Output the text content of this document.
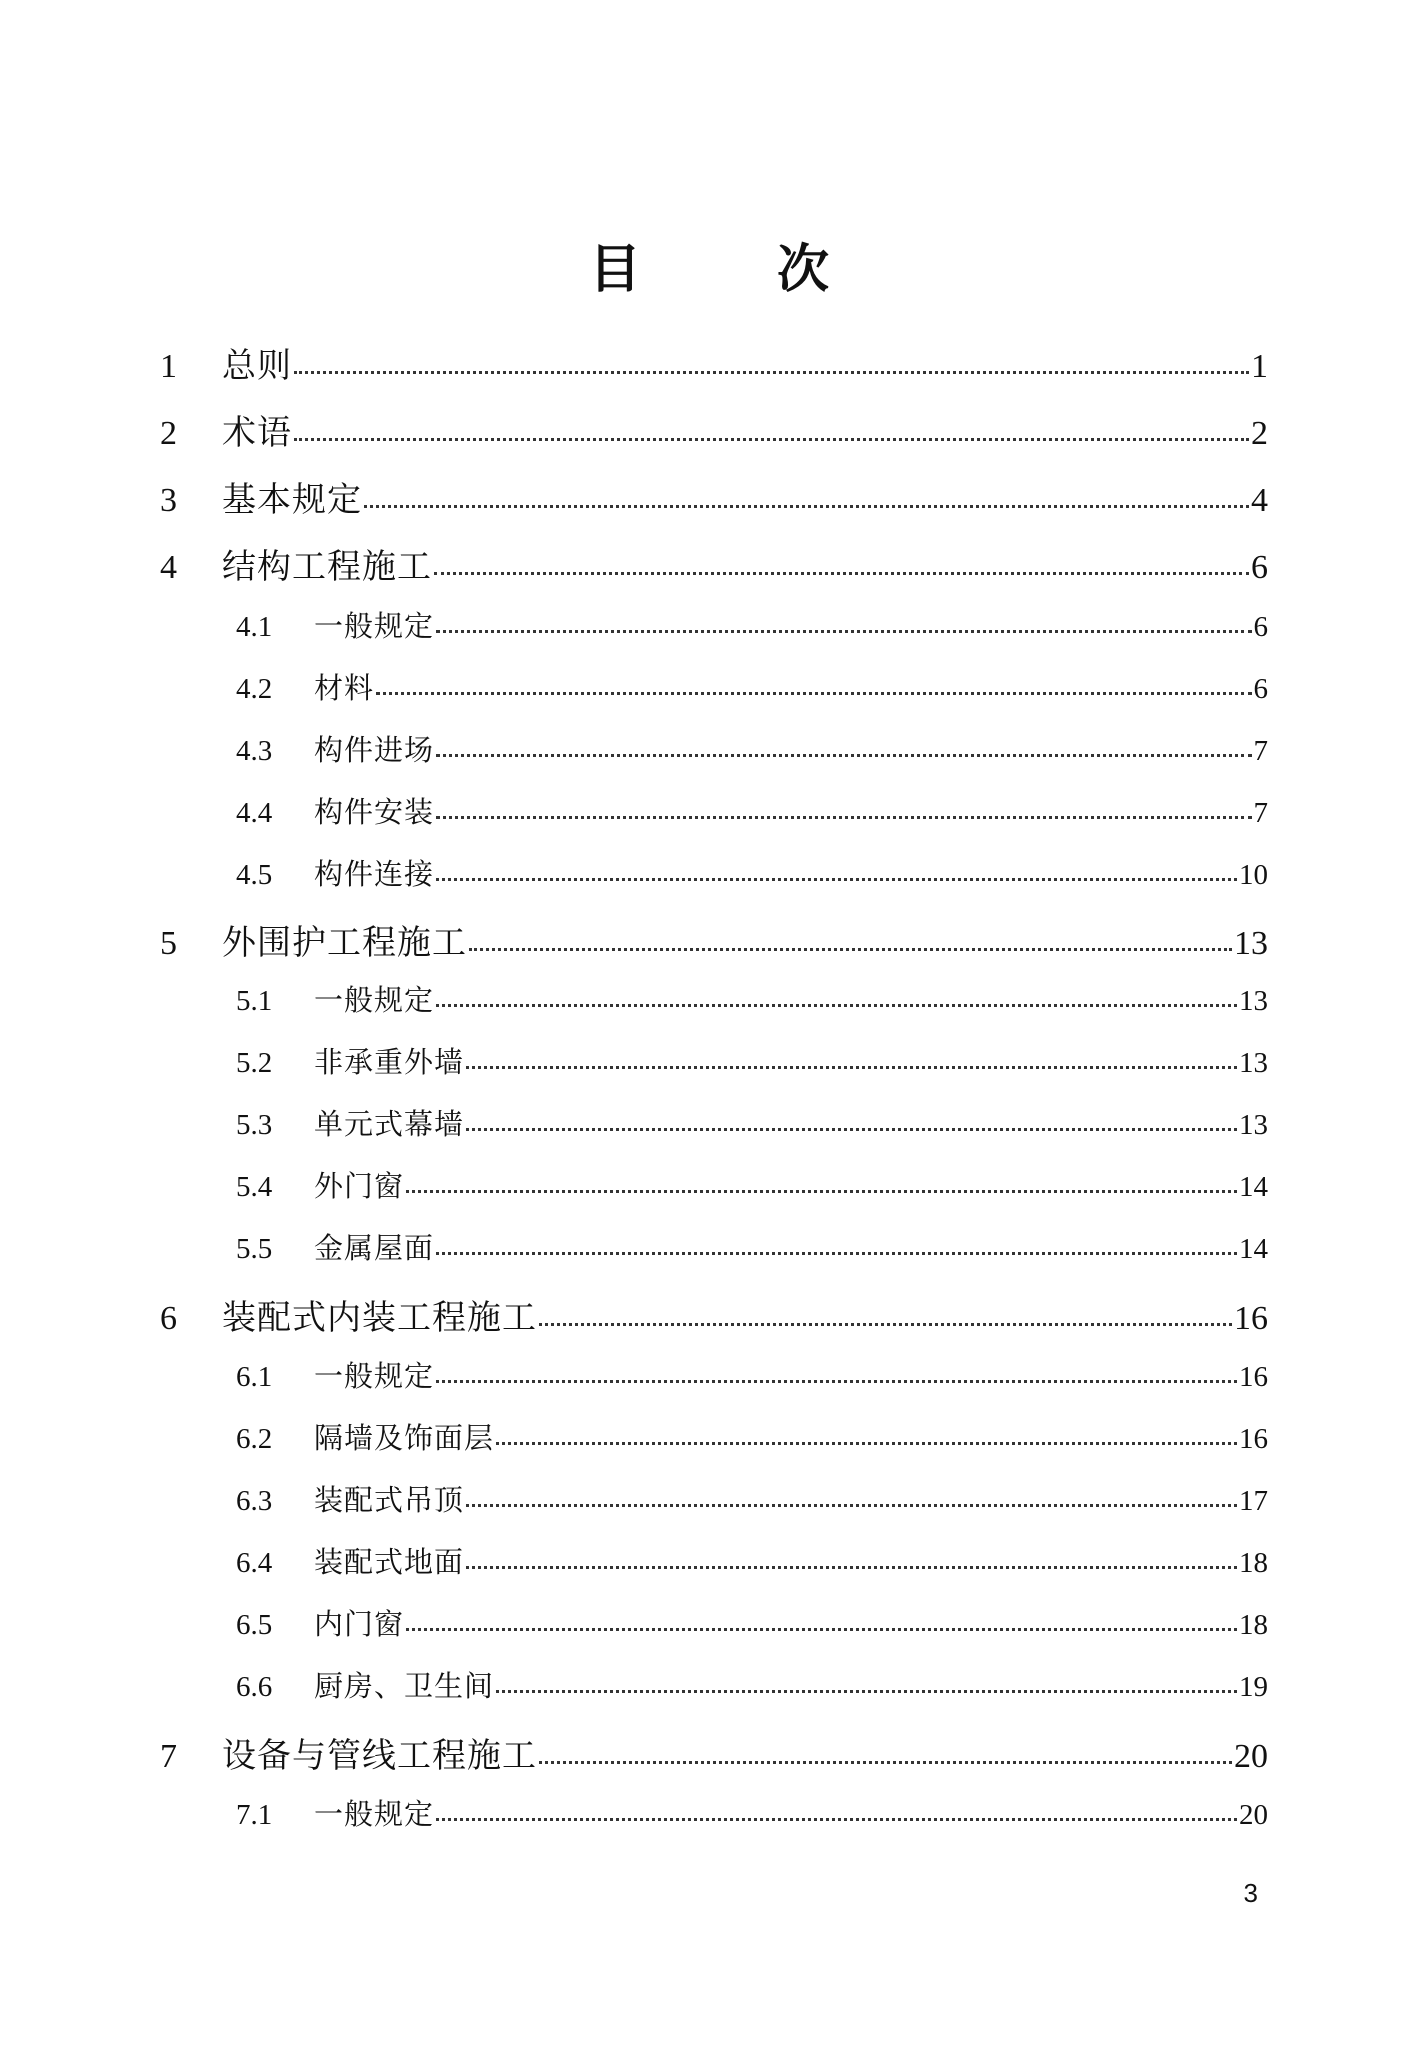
目　次
1	总则	1
2	术语	2
3	基本规定	4
4	结构工程施工	6
4.1	一般规定	6
4.2	材料	6
4.3	构件进场	7
4.4	构件安装	7
4.5	构件连接	10
5	外围护工程施工	13
5.1	一般规定	13
5.2	非承重外墙	13
5.3	单元式幕墙	13
5.4	外门窗	14
5.5	金属屋面	14
6	装配式内装工程施工	16
6.1	一般规定	16
6.2	隔墙及饰面层	16
6.3	装配式吊顶	17
6.4	装配式地面	18
6.5	内门窗	18
6.6	厨房、卫生间	19
7	设备与管线工程施工	20
7.1	一般规定	20
3
